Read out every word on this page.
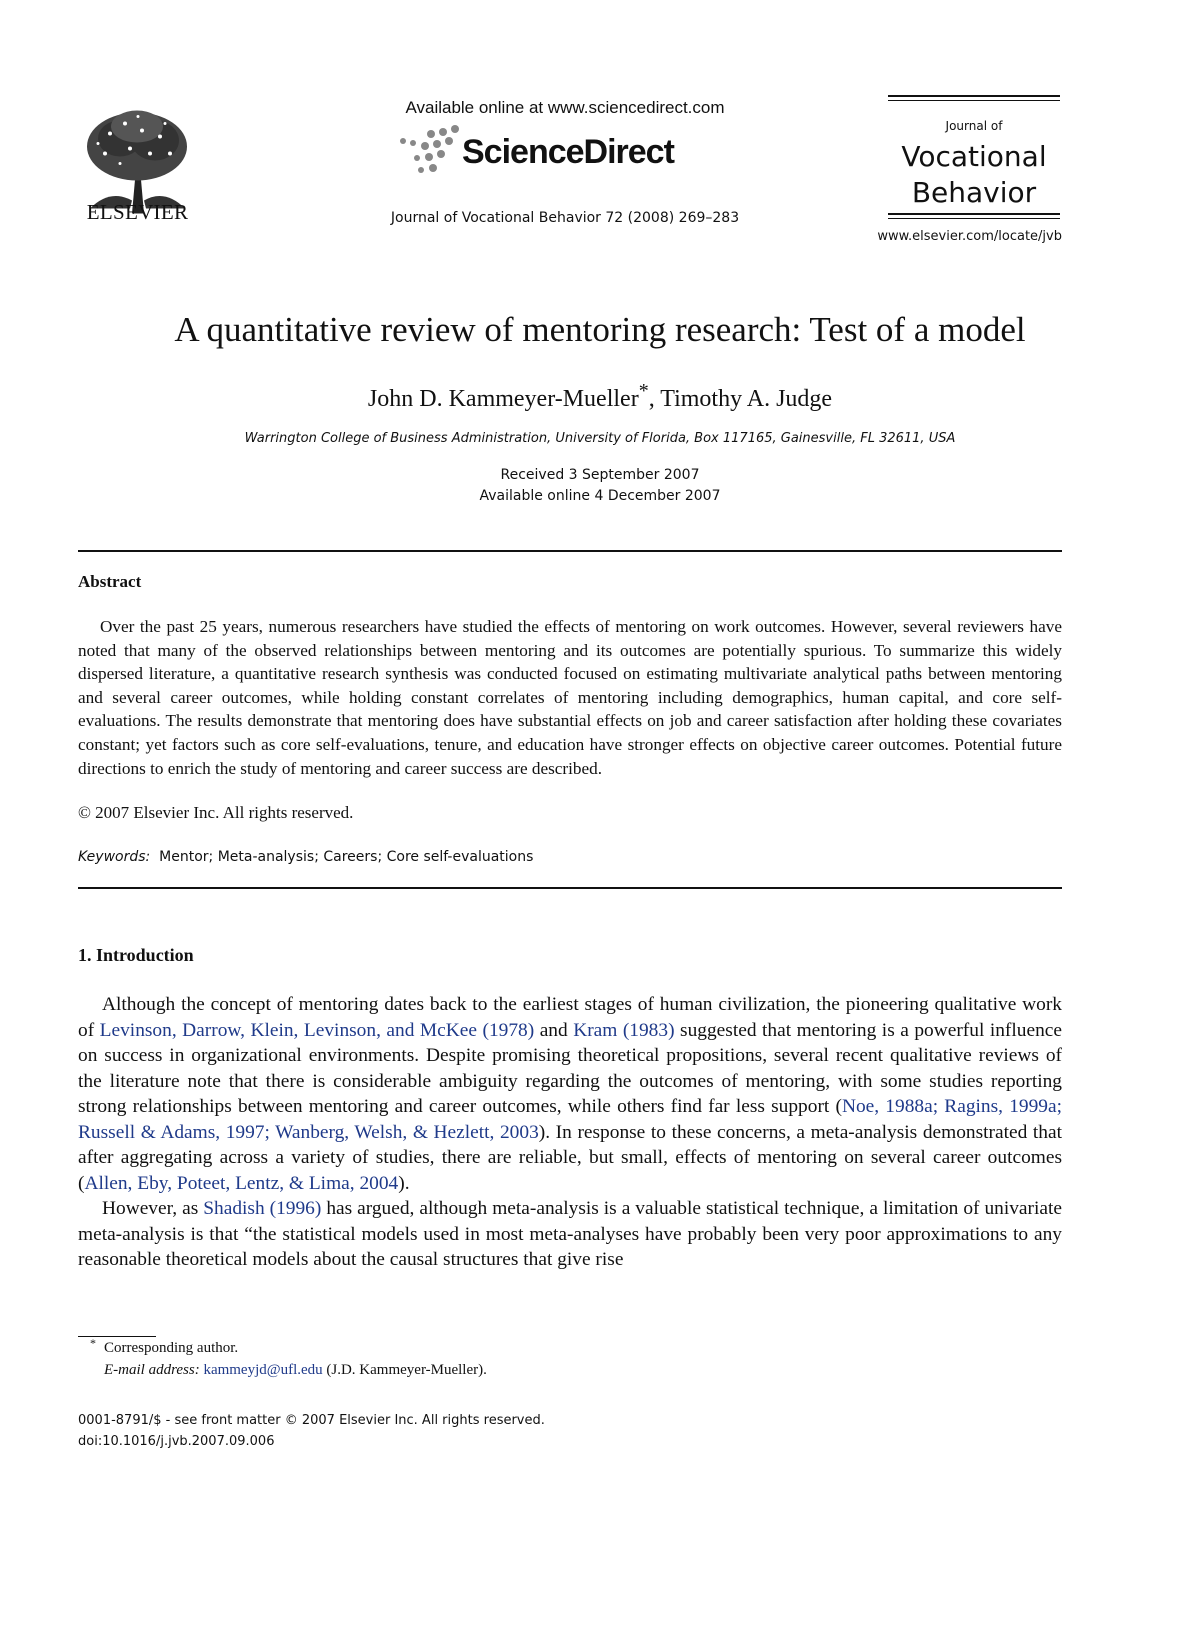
ELSEVIER
Available online at www.sciencedirect.com
ScienceDirect
Journal of Vocational Behavior 72 (2008) 269–283
Journal of
Vocational
Behavior
www.elsevier.com/locate/jvb
A quantitative review of mentoring research: Test of a model
John D. Kammeyer-Mueller*, Timothy A. Judge
Warrington College of Business Administration, University of Florida, Box 117165, Gainesville, FL 32611, USA
Received 3 September 2007
Available online 4 December 2007
Abstract

Over the past 25 years, numerous researchers have studied the effects of mentoring on work outcomes. However, several reviewers have noted that many of the observed relationships between mentoring and its outcomes are potentially spurious. To summarize this widely dispersed literature, a quantitative research synthesis was conducted focused on estimating multivariate analytical paths between mentoring and several career outcomes, while holding constant correlates of mentoring including demographics, human capital, and core self-evaluations. The results demonstrate that mentoring does have substantial effects on job and career satisfaction after holding these covariates constant; yet factors such as core self-evaluations, tenure, and education have stronger effects on objective career outcomes. Potential future directions to enrich the study of mentoring and career success are described.

© 2007 Elsevier Inc. All rights reserved.
Keywords: Mentor; Meta-analysis; Careers; Core self-evaluations
1. Introduction

Although the concept of mentoring dates back to the earliest stages of human civilization, the pioneering qualitative work of Levinson, Darrow, Klein, Levinson, and McKee (1978) and Kram (1983) suggested that mentoring is a powerful influence on success in organizational environments. Despite promising theoretical propositions, several recent qualitative reviews of the literature note that there is considerable ambiguity regarding the outcomes of mentoring, with some studies reporting strong relationships between mentoring and career outcomes, while others find far less support (Noe, 1988a; Ragins, 1999a; Russell & Adams, 1997; Wanberg, Welsh, & Hezlett, 2003). In response to these concerns, a meta-analysis demonstrated that after aggregating across a variety of studies, there are reliable, but small, effects of mentoring on several career outcomes (Allen, Eby, Poteet, Lentz, & Lima, 2004).

However, as Shadish (1996) has argued, although meta-analysis is a valuable statistical technique, a limitation of univariate meta-analysis is that “the statistical models used in most meta-analyses have probably been very poor approximations to any reasonable theoretical models about the causal structures that give rise

* Corresponding author.
E-mail address: kammeyjd@ufl.edu (J.D. Kammeyer-Mueller).
0001-8791/$ - see front matter © 2007 Elsevier Inc. All rights reserved.
doi:10.1016/j.jvb.2007.09.006
